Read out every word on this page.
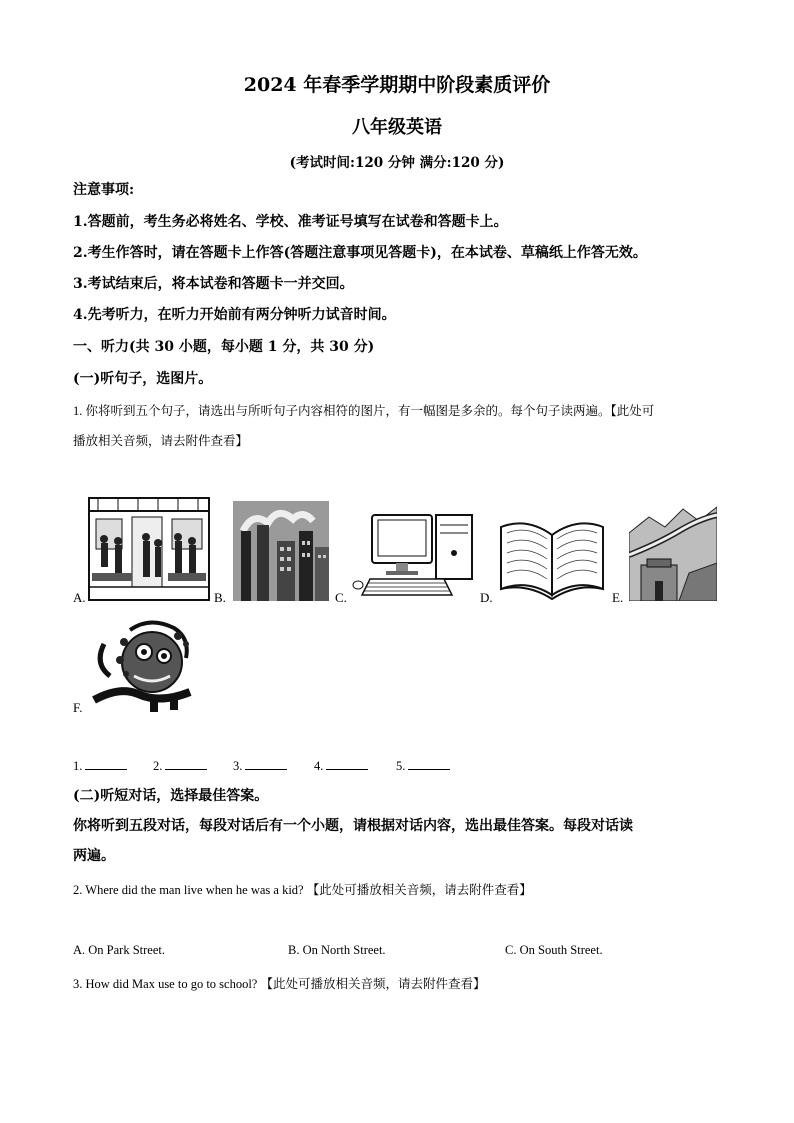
2024 年春季学期期中阶段素质评价
八年级英语
(考试时间:120 分钟 满分:120 分)
注意事项:
1.答题前，考生务必将姓名、学校、准考证号填写在试卷和答题卡上。
2.考生作答时，请在答题卡上作答(答题注意事项见答题卡)，在本试卷、草稿纸上作答无效。
3.考试结束后，将本试卷和答题卡一并交回。
4.先考听力，在听力开始前有两分钟听力试音时间。
一、听力(共 30 小题，每小题 1 分，共 30 分)
(一)听句子，选图片。
1. 你将听到五个句子，请选出与所听句子内容相符的图片，有一幅图是多余的。每个句子读两遍。【此处可
播放相关音频，请去附件查看】
A.	B.	C.	D.	E.
F.
1.	2.	3.	4.	5.
(二)听短对话，选择最佳答案。
你将听到五段对话，每段对话后有一个小题，请根据对话内容，选出最佳答案。每段对话读
两遍。
2. Where did the man live when he was a kid? 【此处可播放相关音频，请去附件查看】
A. On Park Street.	B. On North Street.	C. On South Street.
3. How did Max use to go to school? 【此处可播放相关音频，请去附件查看】
